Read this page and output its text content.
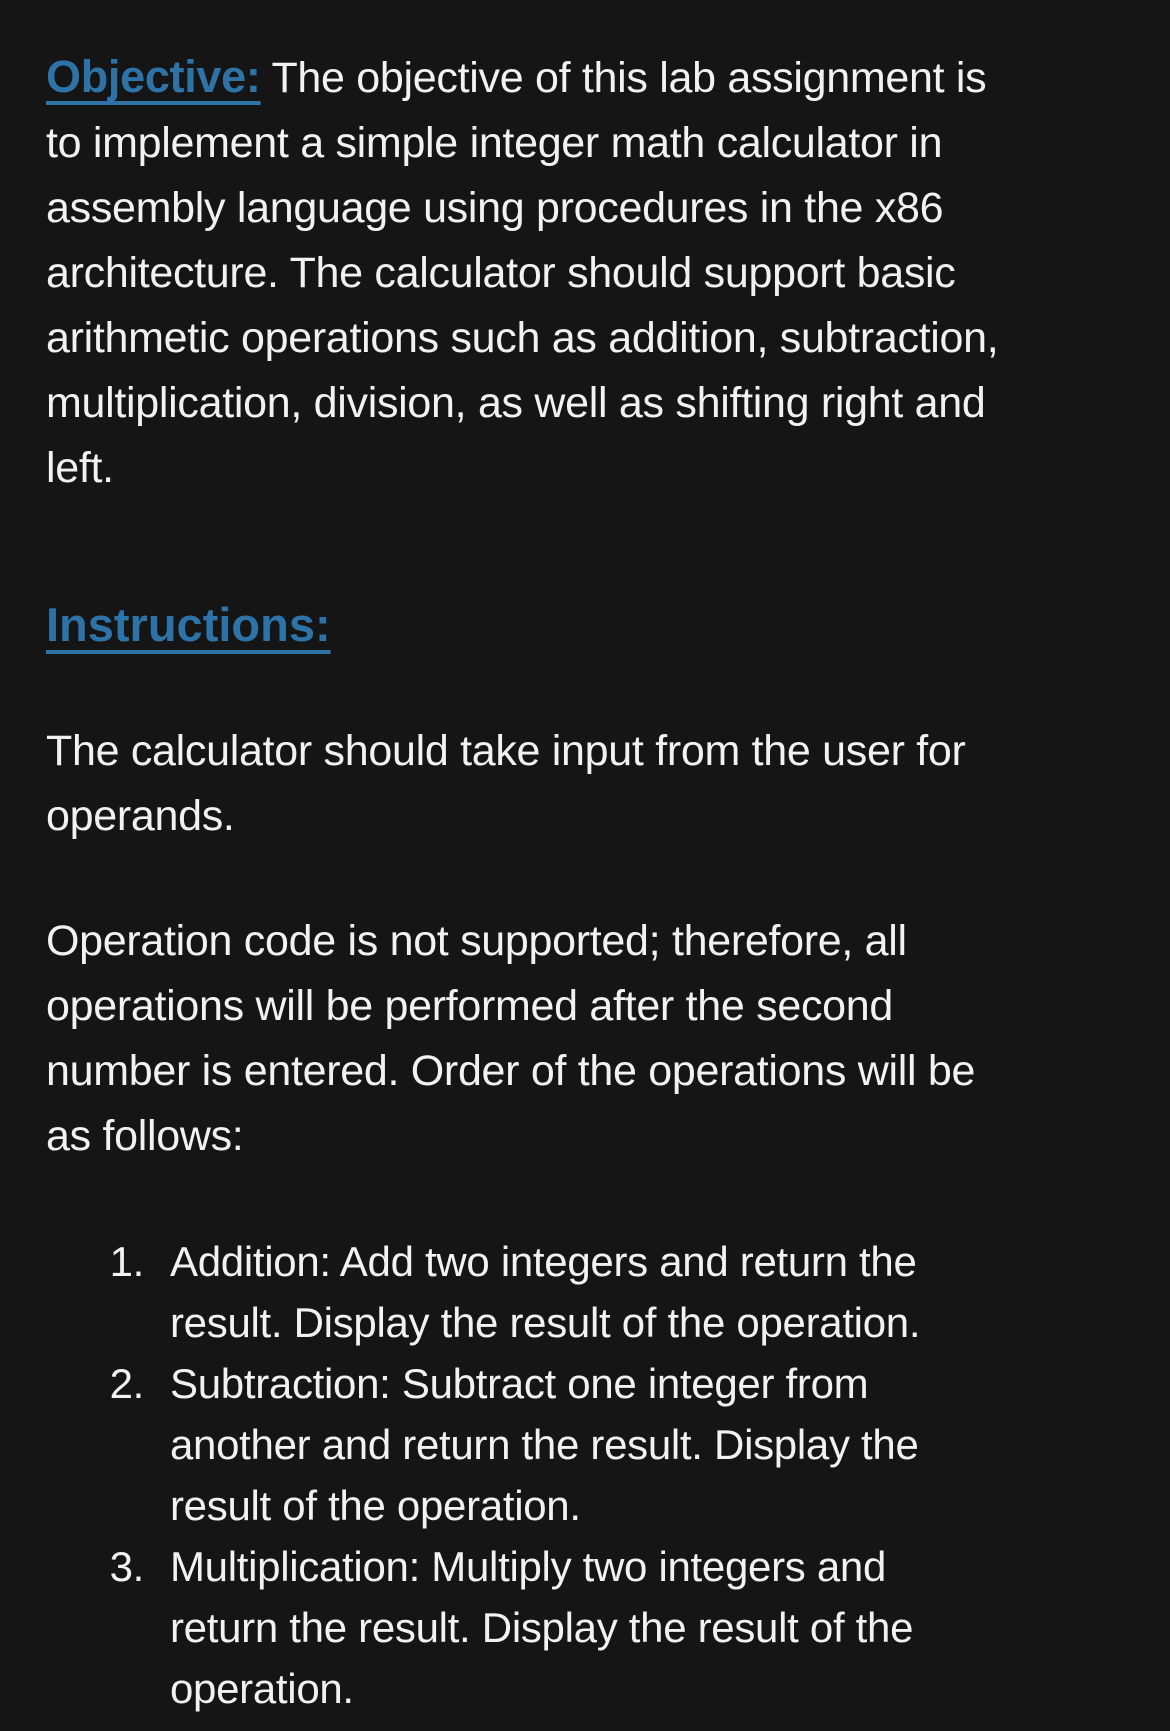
Objective: The objective of this lab assignment is
to implement a simple integer math calculator in
assembly language using procedures in the x86
architecture. The calculator should support basic
arithmetic operations such as addition, subtraction,
multiplication, division, as well as shifting right and
left.

Instructions:

The calculator should take input from the user for
operands.

Operation code is not supported; therefore, all
operations will be performed after the second
number is entered. Order of the operations will be
as follows:

1. Addition: Add two integers and return the
result. Display the result of the operation.
2. Subtraction: Subtract one integer from
another and return the result. Display the
result of the operation.
3. Multiplication: Multiply two integers and
return the result. Display the result of the
operation.
